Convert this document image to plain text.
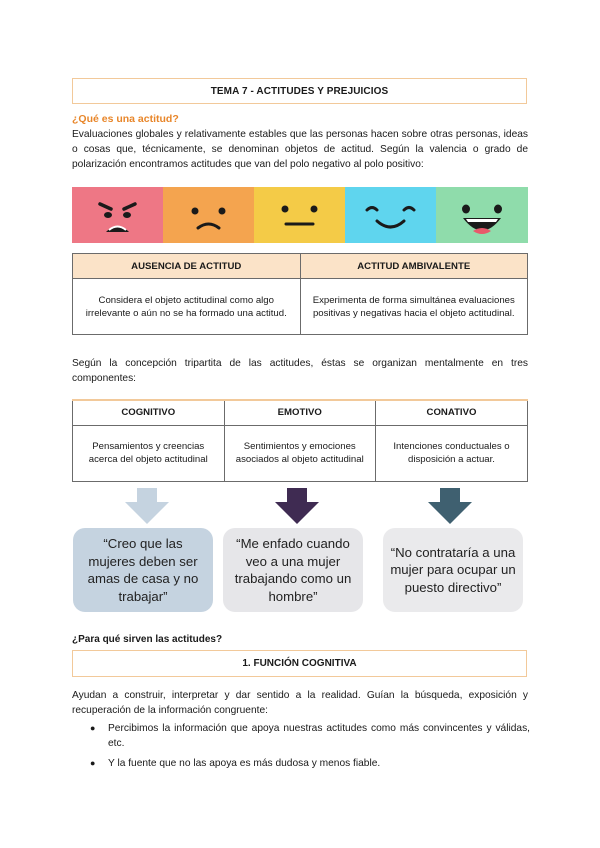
TEMA 7 - ACTITUDES Y PREJUICIOS
¿Qué es una actitud?

Evaluaciones globales y relativamente estables que las personas hacen sobre otras personas, ideas o cosas que, técnicamente, se denominan objetos de actitud. Según la valencia o grado de polarización encontramos actitudes que van del polo negativo al polo positivo:

AUSENCIA DE ACTITUD	ACTITUD AMBIVALENTE
Considera el objeto actitudinal como algo irrelevante o aún no se ha formado una actitud.	Experimenta de forma simultánea evaluaciones positivas y negativas hacia el objeto actitudinal.

Según la concepción tripartita de las actitudes, éstas se organizan mentalmente en tres componentes:

COGNITIVO	EMOTIVO	CONATIVO
Pensamientos y creencias acerca del objeto actitudinal	Sentimientos y emociones asociados al objeto actitudinal	Intenciones conductuales o disposición a actuar.
“Creo que las mujeres deben ser amas de casa y no trabajar”
“Me enfado cuando veo a una mujer trabajando como un hombre”
“No contrataría a una mujer para ocupar un puesto directivo”
¿Para qué sirven las actitudes?
1. FUNCIÓN COGNITIVA

Ayudan a construir, interpretar y dar sentido a la realidad. Guían la búsqueda, exposición y recuperación de la información congruente:

● Percibimos la información que apoya nuestras actitudes como más convincentes y válidas, etc.
● Y la fuente que no las apoya es más dudosa y menos fiable.
